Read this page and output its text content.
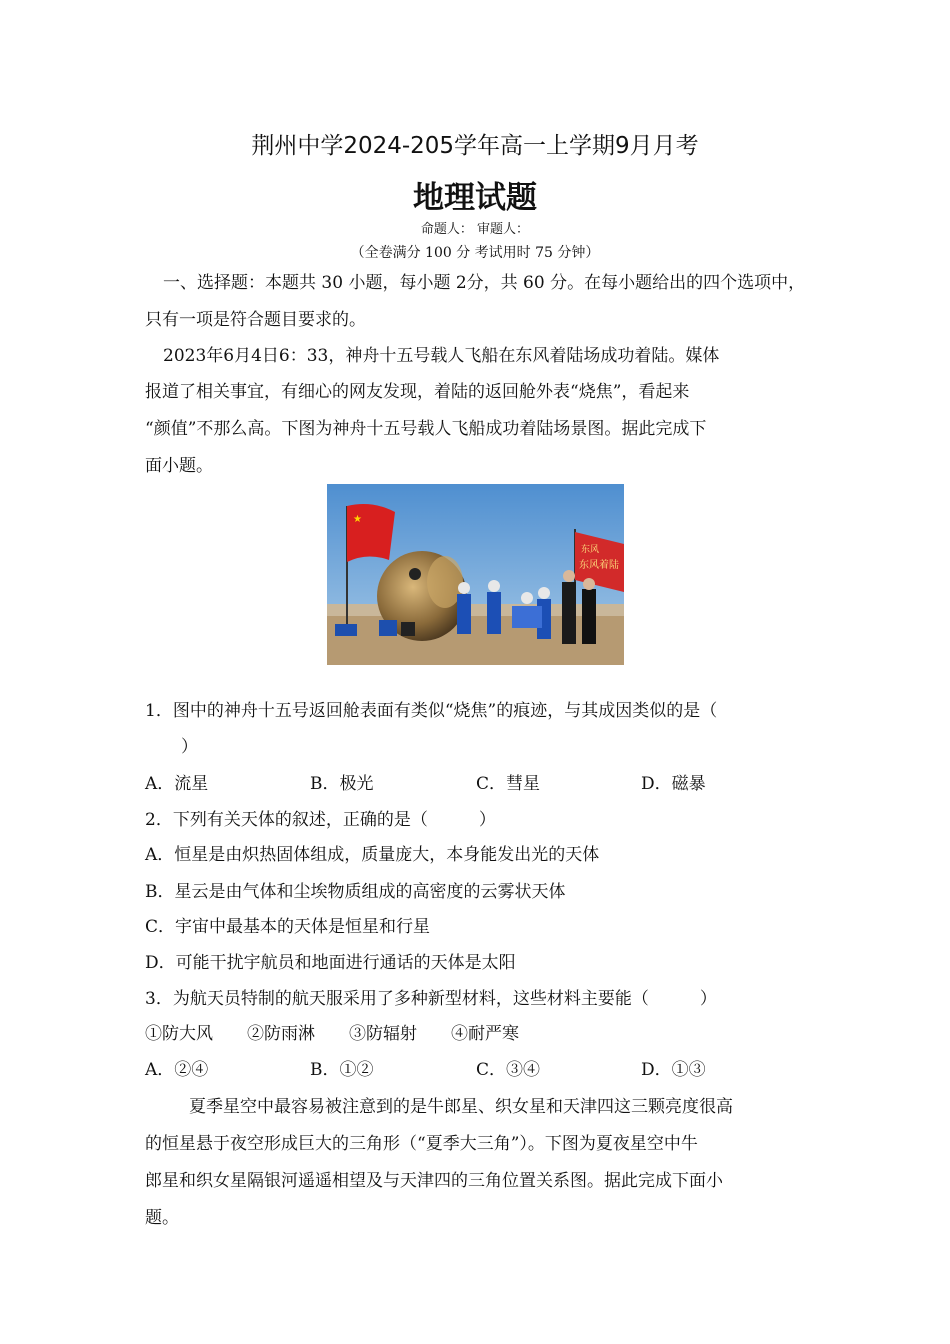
荆州中学2024-205学年高一上学期9月月考
地理试题
命题人： 审题人：
（全卷满分 100 分 考试用时 75 分钟）
一、选择题：本题共 30 小题，每小题 2分，共 60 分。在每小题给出的四个选项中，
只有一项是符合题目要求的。
2023年6月4日6：33，神舟十五号载人飞船在东风着陆场成功着陆。媒体
报道了相关事宜，有细心的网友发现，着陆的返回舱外表“烧焦”，看起来
“颜值”不那么高。下图为神舟十五号载人飞船成功着陆场景图。据此完成下
面小题。
★
东风
东风着陆
1．图中的神舟十五号返回舱表面有类似“烧焦”的痕迹，与其成因类似的是（
）
A．流星	B．极光	C．彗星	D．磁暴
2．下列有关天体的叙述，正确的是（　　　）
A．恒星是由炽热固体组成，质量庞大，本身能发出光的天体
B．星云是由气体和尘埃物质组成的高密度的云雾状天体
C．宇宙中最基本的天体是恒星和行星
D．可能干扰宇航员和地面进行通话的天体是太阳
3．为航天员特制的航天服采用了多种新型材料，这些材料主要能（　　　）
①防大风　　②防雨淋　　③防辐射　　④耐严寒
A．②④	B．①②	C．③④	D．①③
夏季星空中最容易被注意到的是牛郎星、织女星和天津四这三颗亮度很高
的恒星悬于夜空形成巨大的三角形（“夏季大三角”）。下图为夏夜星空中牛
郎星和织女星隔银河遥遥相望及与天津四的三角位置关系图。据此完成下面小
题。
